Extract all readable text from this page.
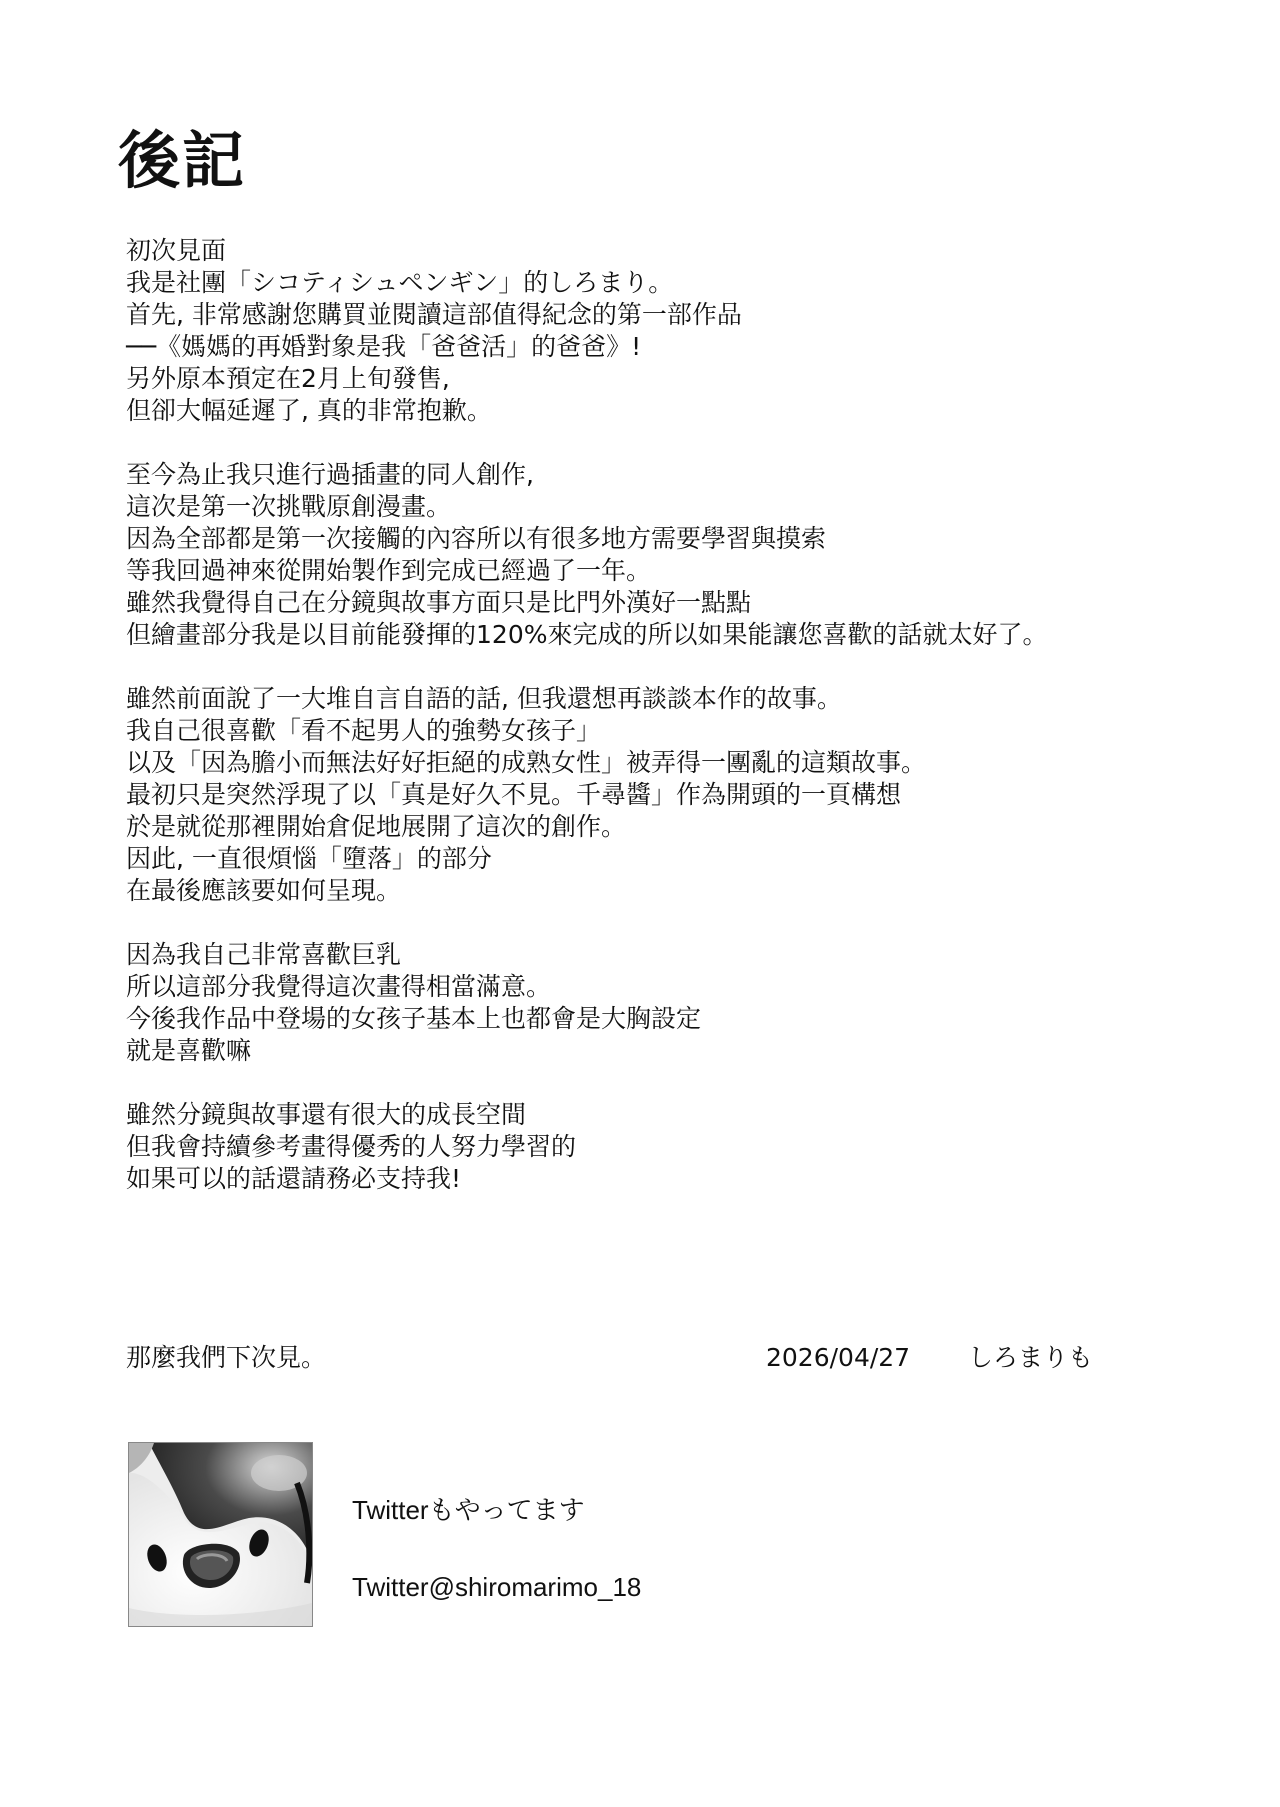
後記
初次見面
我是社團「シコティシュペンギン」的しろまり。
首先, 非常感謝您購買並閱讀這部值得紀念的第一部作品
──《媽媽的再婚對象是我「爸爸活」的爸爸》!
另外原本預定在2月上旬發售,
但卻大幅延遲了, 真的非常抱歉。
至今為止我只進行過插畫的同人創作,
這次是第一次挑戰原創漫畫。
因為全部都是第一次接觸的內容所以有很多地方需要學習與摸索
等我回過神來從開始製作到完成已經過了一年。
雖然我覺得自己在分鏡與故事方面只是比門外漢好一點點
但繪畫部分我是以目前能發揮的120%來完成的所以如果能讓您喜歡的話就太好了。
雖然前面說了一大堆自言自語的話, 但我還想再談談本作的故事。
我自己很喜歡「看不起男人的強勢女孩子」
以及「因為膽小而無法好好拒絕的成熟女性」被弄得一團亂的這類故事。
最初只是突然浮現了以「真是好久不見。千尋醬」作為開頭的一頁構想
於是就從那裡開始倉促地展開了這次的創作。
因此, 一直很煩惱「墮落」的部分
在最後應該要如何呈現。
因為我自己非常喜歡巨乳
所以這部分我覺得這次畫得相當滿意。
今後我作品中登場的女孩子基本上也都會是大胸設定
就是喜歡嘛
雖然分鏡與故事還有很大的成長空間
但我會持續參考畫得優秀的人努力學習的
如果可以的話還請務必支持我!
那麼我們下次見。	2026/04/27 しろまりも
Twitterもやってます
Twitter@shiromarimo_18
